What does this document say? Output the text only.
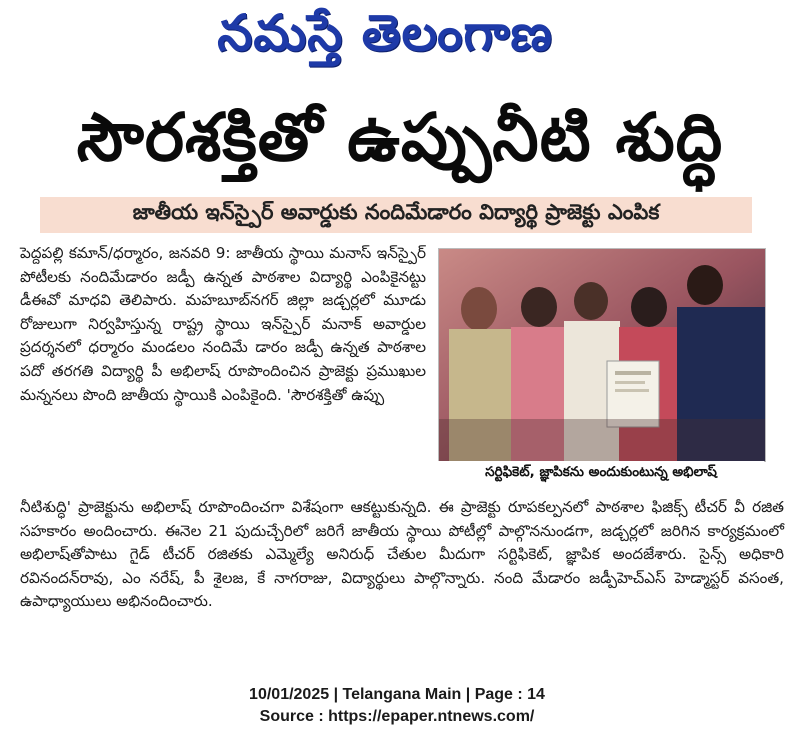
నమస్తే తెలంగాణ
సౌరశక్తితో ఉప్పునీటి శుద్ధి
జాతీయ ఇన్‌స్పైర్ అవార్డుకు నందిమేడారం విద్యార్థి ప్రాజెక్టు ఎంపిక

పెద్దపల్లి కమాన్/ధర్మారం, జనవరి 9: జాతీయ స్థాయి మనాస్ ఇన్‌స్పైర్ పోటీలకు నందిమేడారం జడ్పీ ఉన్నత పాఠశాల విద్యార్థి ఎంపికైనట్టు డీఈవో మాధవి తెలిపారు. మహబూబ్‌నగర్ జిల్లా జడ్చర్లలో మూడు రోజులుగా నిర్వహిస్తున్న రాష్ట్ర స్థాయి ఇన్‌స్పైర్ మనాక్ అవార్డుల ప్రదర్శనలో ధర్మారం మండలం నందిమే డారం జడ్పీ ఉన్నత పాఠశాల పదో తరగతి విద్యార్థి పీ అభిలాష్ రూపొందించిన ప్రాజెక్టు ప్రముఖుల మన్ననలు పొంది జాతీయ స్థాయికి ఎంపికైంది. 'సౌరశక్తితో ఉప్పు

సర్టిఫికెట్, జ్ఞాపికను అందుకుంటున్న అభిలాష్

నీటిశుద్ధి' ప్రాజెక్టును అభిలాష్ రూపొందించగా విశేషంగా ఆకట్టుకున్నది. ఈ ప్రాజెక్టు రూపకల్పనలో పాఠశాల ఫిజిక్స్ టీచర్ వీ రజిత సహకారం అందించారు. ఈనెల 21 పుదుచ్చేరిలో జరిగే జాతీయ స్థాయి పోటీల్లో పాల్గొననుండగా, జడ్చర్లలో జరిగిన కార్యక్రమంలో అభిలాష్‌తోపాటు గైడ్ టీచర్ రజితకు ఎమ్మెల్యే అనిరుధ్ చేతుల మీదుగా సర్టిఫికెట్, జ్ఞాపిక అందజేశారు. సైన్స్ అధికారి రవినందన్‌రావు, ఎం నరేష్, పీ శైలజ, కే నాగరాజు, విద్యార్థులు పాల్గొన్నారు. నంది మేడారం జడ్పీహెచ్ఎస్ హెడ్మాస్టర్ వసంత, ఉపాధ్యాయులు అభినందించారు.

10/01/2025 | Telangana Main | Page : 14
Source : https://epaper.ntnews.com/
